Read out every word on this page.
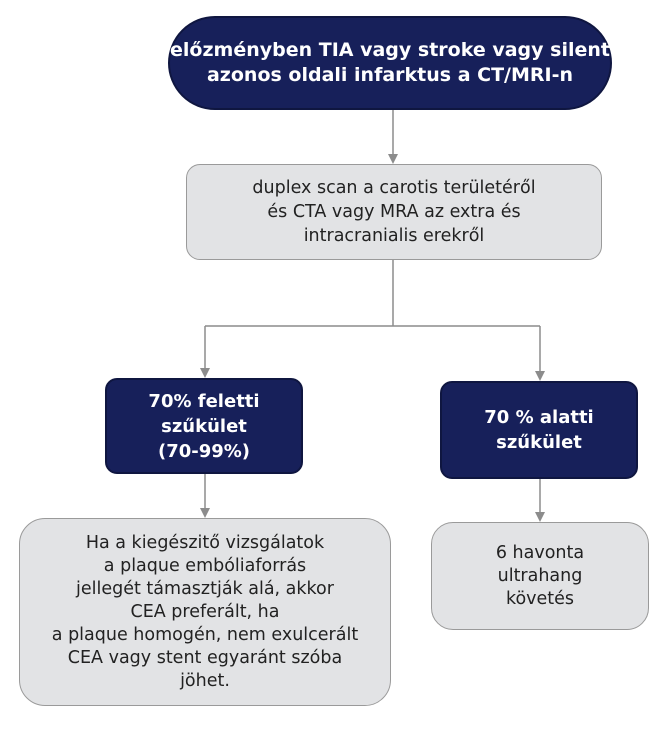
előzményben TIA vagy stroke vagy silent
azonos oldali infarktus a CT/MRI-n
duplex scan a carotis területéről
és CTA vagy MRA az extra és
intracranialis erekről
70% feletti
szűkület
(70-99%)
70 % alatti
szűkület
Ha a kiegészitő vizsgálatok
a plaque embóliaforrás
jellegét támasztják alá, akkor
CEA preferált, ha
a plaque homogén, nem exulcerált
CEA vagy stent egyaránt szóba
jöhet.
6 havonta
ultrahang
követés
